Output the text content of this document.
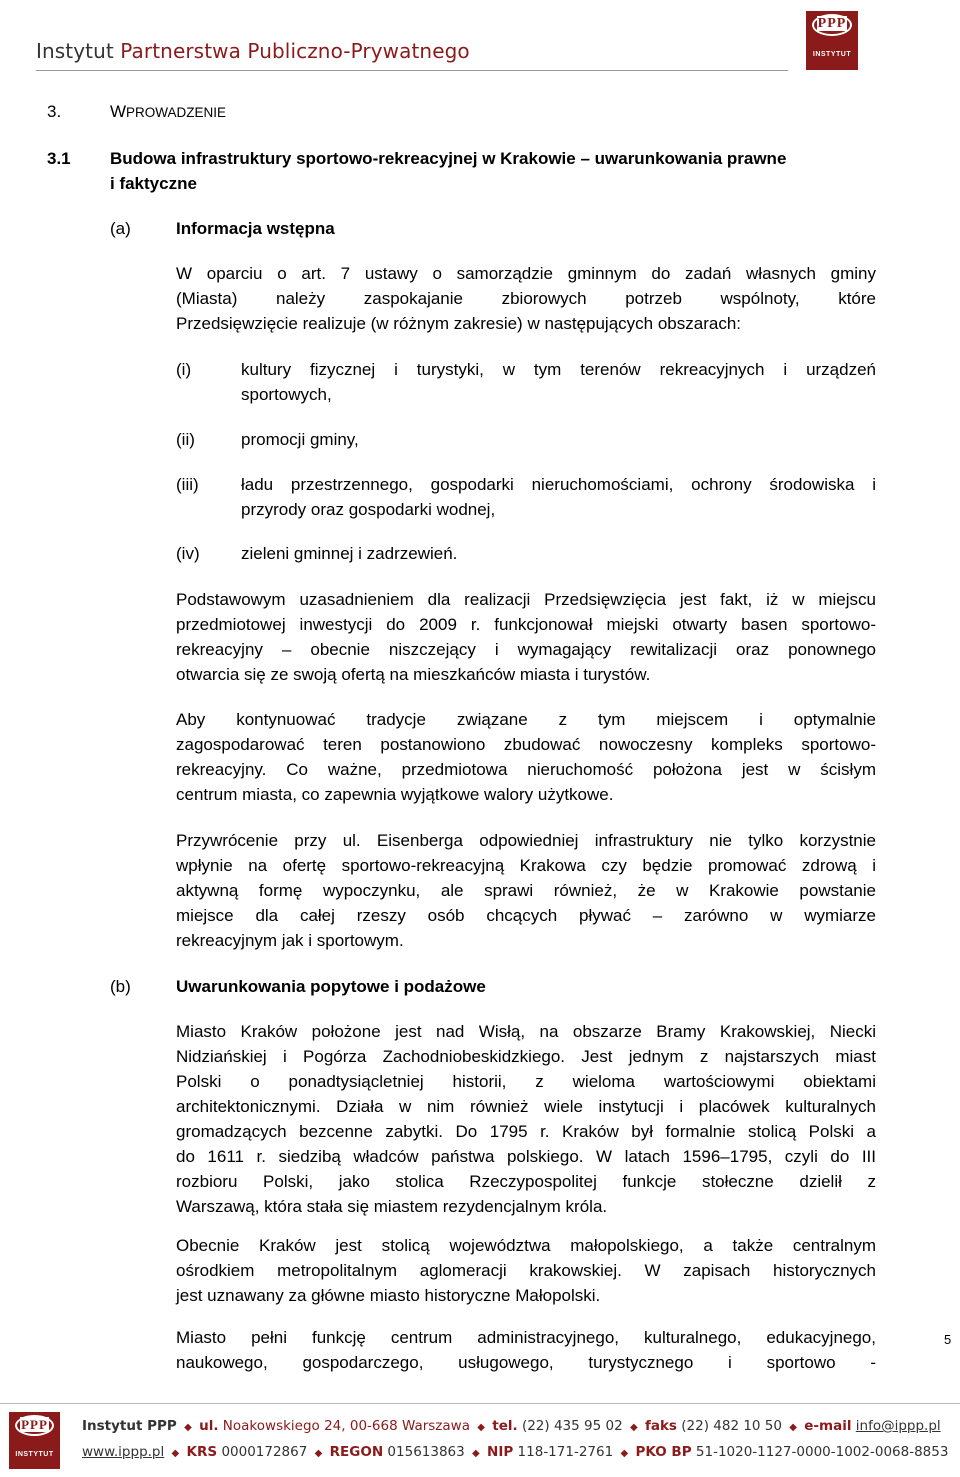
Instytut Partnerstwa Publiczno-Prywatnego
PPP
INSTYTUT
3.	WPROWADZENIE
3.1 Budowa infrastruktury sportowo-rekreacyjnej w Krakowie – uwarunkowania prawne
i faktyczne
(a)	Informacja wstępna
W oparciu o art. 7 ustawy o samorządzie gminnym do zadań własnych gminy
(Miasta) należy zaspokajanie zbiorowych potrzeb wspólnoty, które
Przedsięwzięcie realizuje (w różnym zakresie) w następujących obszarach:
(i)	kultury fizycznej i turystyki, w tym terenów rekreacyjnych i urządzeń
sportowych,
(ii)	promocji gminy,
(iii) ładu przestrzennego, gospodarki nieruchomościami, ochrony środowiska i
przyrody oraz gospodarki wodnej,
(iv) zieleni gminnej i zadrzewień.
Podstawowym uzasadnieniem dla realizacji Przedsięwzięcia jest fakt, iż w miejscu
przedmiotowej inwestycji do 2009 r. funkcjonował miejski otwarty basen sportowo-
rekreacyjny – obecnie niszczejący i wymagający rewitalizacji oraz ponownego
otwarcia się ze swoją ofertą na mieszkańców miasta i turystów.
Aby kontynuować tradycje związane z tym miejscem i optymalnie
zagospodarować teren postanowiono zbudować nowoczesny kompleks sportowo-
rekreacyjny. Co ważne, przedmiotowa nieruchomość położona jest w ścisłym
centrum miasta, co zapewnia wyjątkowe walory użytkowe.
Przywrócenie przy ul. Eisenberga odpowiedniej infrastruktury nie tylko korzystnie
wpłynie na ofertę sportowo-rekreacyjną Krakowa czy będzie promować zdrową i
aktywną formę wypoczynku, ale sprawi również, że w Krakowie powstanie
miejsce dla całej rzeszy osób chcących pływać – zarówno w wymiarze
rekreacyjnym jak i sportowym.
(b)	Uwarunkowania popytowe i podażowe
Miasto Kraków położone jest nad Wisłą, na obszarze Bramy Krakowskiej, Niecki
Nidziańskiej i Pogórza Zachodniobeskidzkiego. Jest jednym z najstarszych miast
Polski o ponadtysiącletniej historii, z wieloma wartościowymi obiektami
architektonicznymi. Działa w nim również wiele instytucji i placówek kulturalnych
gromadzących bezcenne zabytki. Do 1795 r. Kraków był formalnie stolicą Polski a
do 1611 r. siedzibą władców państwa polskiego. W latach 1596–1795, czyli do III
rozbioru Polski, jako stolica Rzeczypospolitej funkcje stołeczne dzielił z
Warszawą, która stała się miastem rezydencjalnym króla.
Obecnie Kraków jest stolicą województwa małopolskiego, a także centralnym
ośrodkiem metropolitalnym aglomeracji krakowskiej. W zapisach historycznych
jest uznawany za główne miasto historyczne Małopolski.
Miasto pełni funkcję centrum administracyjnego, kulturalnego, edukacyjnego,
naukowego, gospodarczego, usługowego, turystycznego i sportowo -
5
PPP
INSTYTUT
Instytut PPP ◆ ul. Noakowskiego 24, 00-668 Warszawa ◆ tel. (22) 435 95 02 ◆ faks (22) 482 10 50 ◆ e-mail info@ippp.pl
www.ippp.pl ◆ KRS 0000172867 ◆ REGON 015613863 ◆ NIP 118-171-2761 ◆ PKO BP 51-1020-1127-0000-1002-0068-8853
